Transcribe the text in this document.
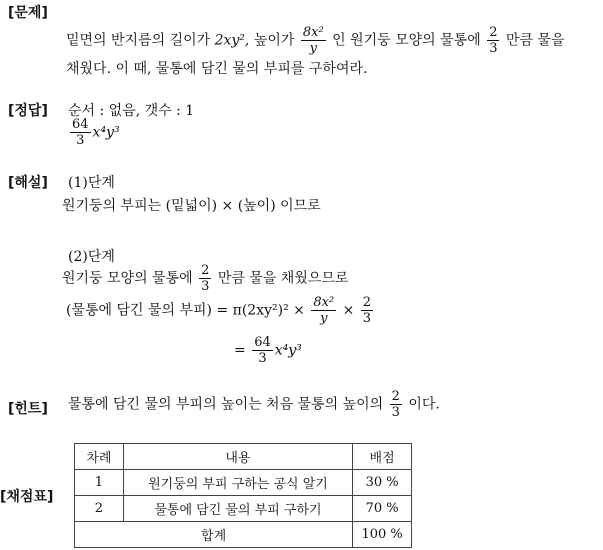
[문제]
밑면의 반지름의 길이가 2xy², 높이가 $\frac{\text{8x²}}{y}$ 인 원기둥 모양의 물통에 $\frac{2}{3}$ 만큼 물을
채웠다. 이 때, 물통에 담긴 물의 부피를 구하여라.
[정답] 순서 : 없음, 갯수 : 1
$\frac{64}{3} x^4y^3$
[해설] (1)단계
원기둥의 부피는 (밑넓이) × (높이) 이므로
(2)단계
원기둥 모양의 물통에 $\frac{2}{3}$ 만큼 물을 채웠으므로
(물통에 담긴 물의 부피) = $\pi(2xy^2)^2 \times \frac{\text{8x²}}{y} \times \frac{2}{3}$
= $\frac{64}{3} x^4y^3$
[힌트] 물통에 담긴 물의 부피의 높이는 처음 물통의 높이의 $\frac{2}{3}$ 이다.
[채점표]
차례	내용	배점
1	원기둥의 부피 구하는 공식 알기	30 %
2	물통에 담긴 물의 부피 구하기	70 %
합계		100 %
